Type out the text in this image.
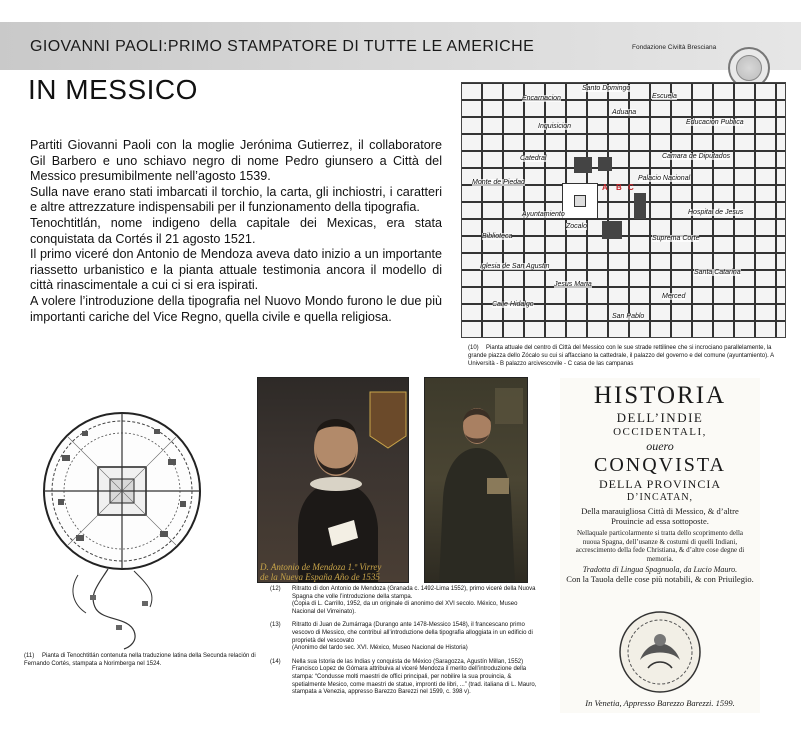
GIOVANNI PAOLI:PRIMO STAMPATORE DI TUTTE LE AMERICHE	Fondazione Civiltà Bresciana
IN MESSICO

Partiti Giovanni Paoli con la moglie Jerónima Gutierrez, il collaboratore Gil Barbero e uno schiavo negro di nome Pedro giunsero a Città del Messico presumibilmente nell’agosto 1539.

Sulla nave erano stati imbarcati il torchio, la carta, gli inchiostri, i caratteri e altre attrezzature indispensabili per il funzionamento della tipografia.

Tenochtitlán, nome indigeno della capitale dei Mexicas, era stata conquistata da Cortés il 21 agosto 1521.

Il primo viceré don Antonio de Mendoza aveva dato inizio a un importante riassetto urbanistico e la pianta attuale testimonia ancora il modello di città rinascimentale a cui ci si era ispirati.

A volere l’introduzione della tipografia nel Nuovo Mondo furono le due più importanti cariche del Vice Regno, quella civile e quella religiosa.

Escuela
Encarnacion
Santo Domingo
Aduana
Inquisicion
Educacion Publica
Camara de Diputados
Palacio Nacional
Catedral
Zocalo
Ayuntamiento
Monte de Piedad
Suprema Corte
Hospital de Jesus
Biblioteca
Iglesia de San Agustin
Santa Catarina
Jesus Maria
Merced
San Pablo
Calle Hidalgo
A B C
(10) Pianta attuale del centro di Città del Messico con le sue strade rettilinee che si incrociano parallelamente, la grande piazza dello Zócalo su cui si affacciano la cattedrale, il palazzo del governo e del comune (ayuntamiento). A Università - B palazzo arcivescovile - C casa de las campanas
(11) Pianta di Tenochtitlán contenuta nella traduzione latina della Secunda relación di Fernando Cortés, stampata a Norimberga nel 1524.
D. Antonio de Mendoza 1.º Virrey
de la Nueva España Año de 1535
(12)	Ritratto di don Antonio de Mendoza (Granada c. 1492-Lima 1552), primo viceré della Nuova Spagna che volle l’introduzione della stampa.
(Copia di L. Carrillo, 1952, da un originale di anonimo del XVI secolo. México, Museo Nacional del Virreinato).
(13)	Ritratto di Juan de Zumárraga (Durango ante 1478-Messico 1548), il francescano primo vescovo di Messico, che contribuì all’introduzione della tipografia alloggiata in un edificio di proprietà del vescovato
(Anonimo del tardo sec. XVI. México, Museo Nacional de Historia)
(14)	Nella sua Istoria de las Indias y conquista de México (Saragozza, Agustín Millan, 1552) Francisco Lopez de Gómara attribuiva al viceré Mendoza il merito dell’introduzione della stampa: “Condusse molti maestri de offici principali, per nobilire la sua prouincia, & spetialmente Mesico, come maestri de statue, impronti de libri, ...” (trad. italiana di L. Mauro, stampata a Venezia, appresso Barezzo Barezzi nel 1599, c. 398 v).
HISTORIA
DELL’INDIE
OCCIDENTALI,
ouero
CONQVISTA
DELLA PROVINCIA
D’INCATAN,
Della marauigliosa Città di Messico, & d’altre
Prouincie ad essa sottoposte.
Nellaquale particolarmente si tratta dello scoprimento della nuoua Spagna, dell’usanze & costumi di quelli Indiani, accrescimento della fede Christiana, & d’altre cose degne di memoria.
Tradotta di Lingua Spagnuola, da Lucio Mauro.
Con la Tauola delle cose più notabili, & con Priuilegio.
In Venetia, Appresso Barezzo Barezzi. 1599.
